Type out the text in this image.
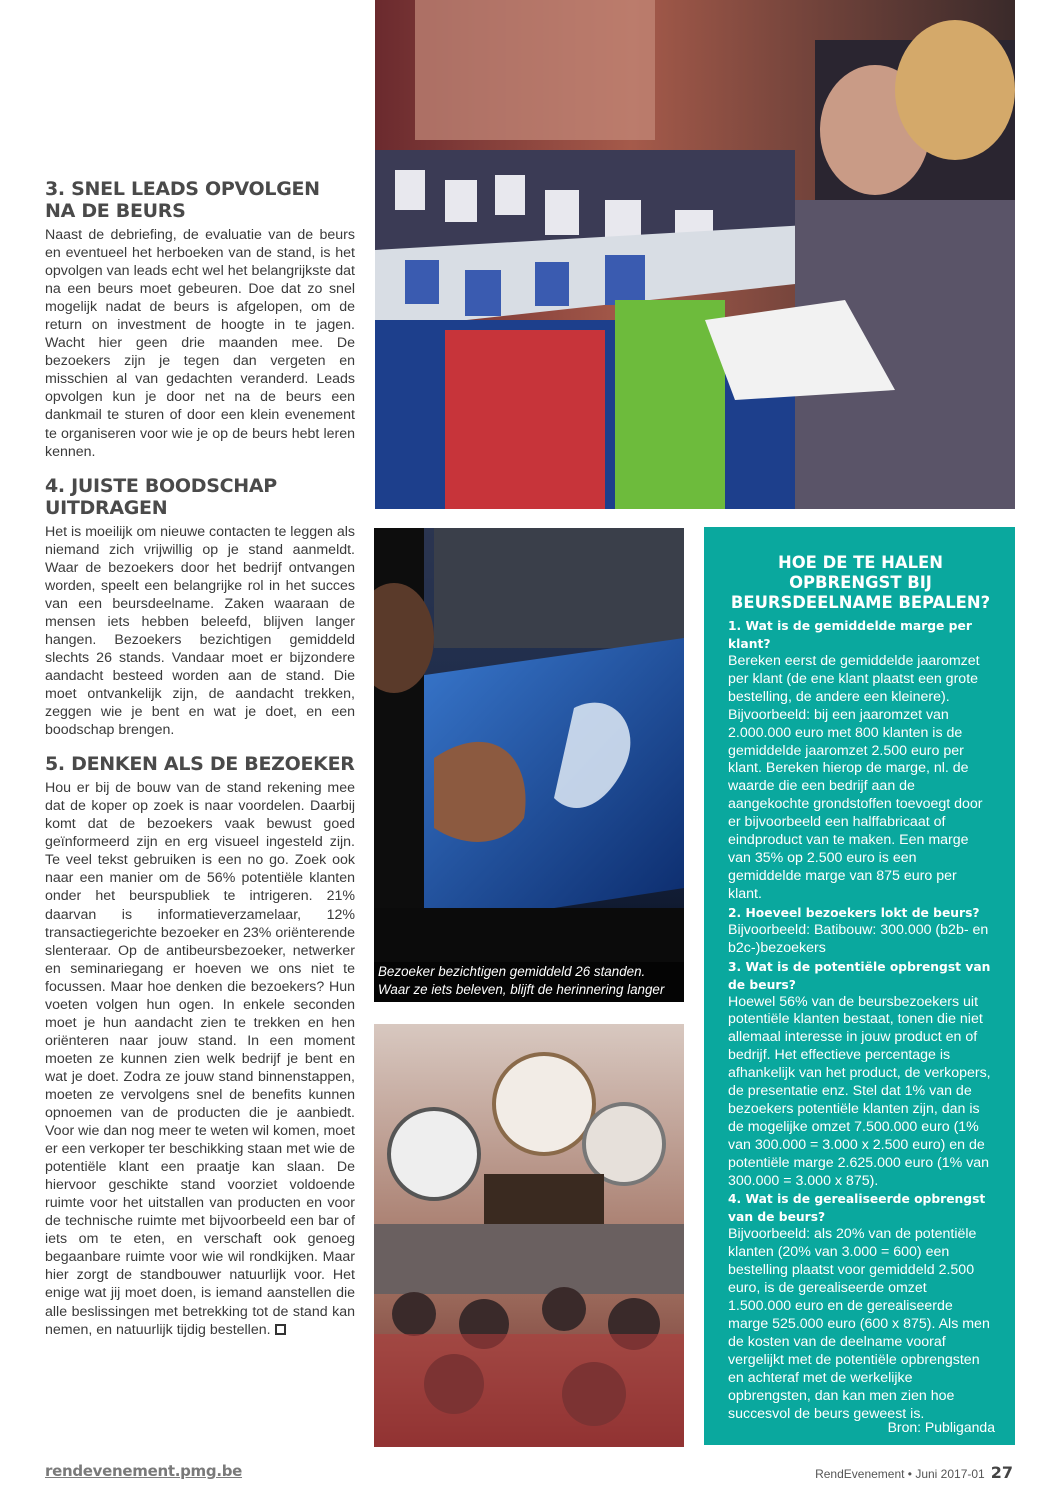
3. SNEL LEADS OPVOLGEN NA DE BEURS

Naast de debriefing, de evaluatie van de beurs en eventueel het herboeken van de stand, is het opvolgen van leads echt wel het belangrijkste dat na een beurs moet gebeuren. Doe dat zo snel mogelijk nadat de beurs is afgelopen, om de return on investment de hoogte in te jagen. Wacht hier geen drie maanden mee. De bezoekers zijn je tegen dan vergeten en misschien al van gedachten veranderd. Leads opvolgen kun je door net na de beurs een dankmail te sturen of door een klein evenement te organiseren voor wie je op de beurs hebt leren kennen.

4. JUISTE BOODSCHAP UITDRAGEN

Het is moeilijk om nieuwe contacten te leggen als niemand zich vrijwillig op je stand aanmeldt. Waar de bezoekers door het bedrijf ontvangen worden, speelt een belangrijke rol in het succes van een beursdeelname. Zaken waaraan de mensen iets hebben beleefd, blijven langer hangen. Bezoekers bezichtigen gemiddeld slechts 26 stands. Vandaar moet er bijzondere aandacht besteed worden aan de stand. Die moet ontvankelijk zijn, de aandacht trekken, zeggen wie je bent en wat je doet, en een boodschap brengen.

5. DENKEN ALS DE BEZOEKER

Hou er bij de bouw van de stand rekening mee dat de koper op zoek is naar voordelen. Daarbij komt dat de bezoekers vaak bewust goed geïnformeerd zijn en erg visueel ingesteld zijn. Te veel tekst gebruiken is een no go. Zoek ook naar een manier om de 56% potentiële klanten onder het beurspubliek te intrigeren. 21% daarvan is informatieverzamelaar, 12% transactiegerichte bezoeker en 23% oriënterende slenteraar. Op de antibeursbezoeker, netwerker en seminariegang er hoeven we ons niet te focussen. Maar hoe denken die bezoekers? Hun voeten volgen hun ogen. In enkele seconden moet je hun aandacht zien te trekken en hen oriënteren naar jouw stand. In een moment moeten ze kunnen zien welk bedrijf je bent en wat je doet. Zodra ze jouw stand binnenstappen, moeten ze vervolgens snel de benefits kunnen opnoemen van de producten die je aanbiedt. Voor wie dan nog meer te weten wil komen, moet er een verkoper ter beschikking staan met wie de potentiële klant een praatje kan slaan. De hiervoor geschikte stand voorziet voldoende ruimte voor het uitstallen van producten en voor de technische ruimte met bijvoorbeeld een bar of iets om te eten, en verschaft ook genoeg begaanbare ruimte voor wie wil rondkijken. Maar hier zorgt de standbouwer natuurlijk voor. Het enige wat jij moet doen, is iemand aanstellen die alle beslissingen met betrekking tot de stand kan nemen, en natuurlijk tijdig bestellen.

Bezoeker bezichtigen gemiddeld 26 standen. Waar ze iets beleven, blijft de herinnering langer hangen
HOE DE TE HALEN OPBRENGST BIJ BEURSDEELNAME BEPALEN?
1. Wat is de gemiddelde marge per klant?
Bereken eerst de gemiddelde jaaromzet per klant (de ene klant plaatst een grote bestelling, de andere een kleinere). Bijvoorbeeld: bij een jaaromzet van 2.000.000 euro met 800 klanten is de gemiddelde jaaromzet 2.500 euro per klant. Bereken hierop de marge, nl. de waarde die een bedrijf aan de aangekochte grondstoffen toevoegt door er bijvoorbeeld een halffabricaat of eindproduct van te maken. Een marge van 35% op 2.500 euro is een gemiddelde marge van 875 euro per klant.
2. Hoeveel bezoekers lokt de beurs?
Bijvoorbeeld: Batibouw: 300.000 (b2b- en b2c-)bezoekers
3. Wat is de potentiële opbrengst van de beurs?
Hoewel 56% van de beursbezoekers uit potentiële klanten bestaat, tonen die niet allemaal interesse in jouw product en of bedrijf. Het effectieve percentage is afhankelijk van het product, de verkopers, de presentatie enz. Stel dat 1% van de bezoekers potentiële klanten zijn, dan is de mogelijke omzet 7.500.000 euro (1% van 300.000 = 3.000 x 2.500 euro) en de potentiële marge 2.625.000 euro (1% van 300.000 = 3.000 x 875).
4. Wat is de gerealiseerde opbrengst van de beurs?
Bijvoorbeeld: als 20% van de potentiële klanten (20% van 3.000 = 600) een bestelling plaatst voor gemiddeld 2.500 euro, is de gerealiseerde omzet 1.500.000 euro en de gerealiseerde marge 525.000 euro (600 x 875). Als men de kosten van de deelname vooraf vergelijkt met de potentiële opbrengsten en achteraf met de werkelijke opbrengsten, dan kan men zien hoe succesvol de beurs geweest is.
Bron: Publiganda
rendevenement.pmg.be	RendEvenement • Juni 2017-01 27
